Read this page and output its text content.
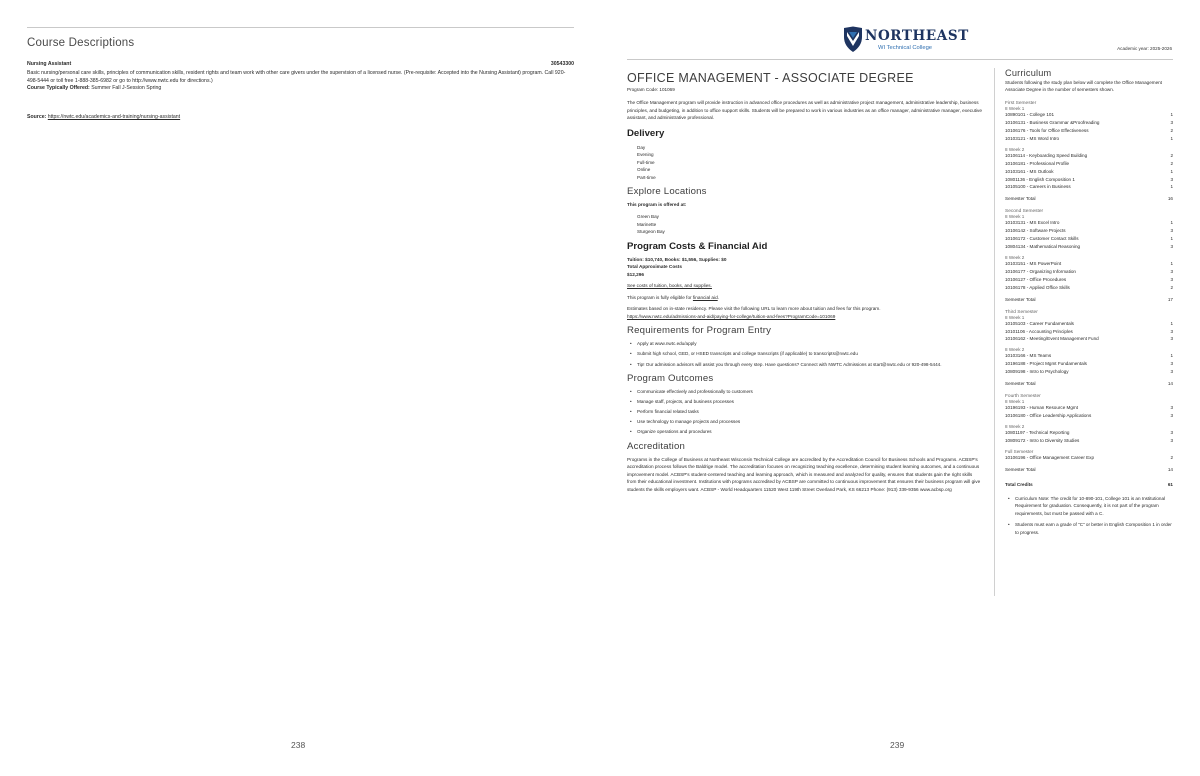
Course Descriptions
Nursing Assistant	30543300
Basic nursing/personal care skills, principles of communication skills, resident rights and team work with other care givers under the supervision of a licensed nurse. (Pre-requisite: Accepted into the Nursing Assistant) program. Call 920-498-5444 or toll free 1-888-385-6982 or go to http://www.nwtc.edu for directions.)
Course Typically Offered: Summer Fall J-Session Spring
Source: https://nwtc.edu/academics-and-training/nursing-assistant
238
NORTHEAST
WI Technical College	Academic year: 2025-2026
OFFICE MANAGEMENT - ASSOCIATE DEGREE
Program Code: 101069

The Office Management program will provide instruction in advanced office procedures as well as administrative project management, administrative leadership, business principles, and budgeting, in addition to office support skills. Students will be prepared to work in various industries as an office manager, administrative manager, executive assistant, and administrative professional.

Delivery
Day
Evening
Full-time
Online
Part-time
Explore Locations
This program is offered at:
Green Bay
Marinette
Sturgeon Bay
Program Costs & Financial Aid
Tuition: $10,740, Books: $1,556, Supplies: $0
Total Approximate Costs
$12,296
See costs of tuition, books, and supplies.
This program is fully eligible for financial aid.
Estimates based on in-state residency. Please visit the following URL to learn more about tuition and fees for this program.
https://www.nwtc.edu/admissions-and-aid/paying-for-college/tuition-and-fees?ProgramCode=101069
Requirements for Program Entry
• Apply at www.nwtc.edu/apply
• Submit high school, GED, or HSED transcripts and college transcripts (if applicable) to transcripts@nwtc.edu
• Tip! Our admission advisors will assist you through every step. Have questions? Connect with NWTC Admissions at start@nwtc.edu or 920-498-5444.
Program Outcomes
• Communicate effectively and professionally to customers
• Manage staff, projects, and business processes
• Perform financial related tasks
• Use technology to manage projects and processes
• Organize operations and procedures
Accreditation

Programs in the College of Business at Northeast Wisconsin Technical College are accredited by the Accreditation Council for Business Schools and Programs. ACBSP's accreditation process follows the Baldrige model. The accreditation focuses on recognizing teaching excellence, determining student learning outcomes, and a continuous improvement model. ACBSP's student-centered teaching and learning approach, which is measured and analyzed for quality, ensures that students gain the right skills from their educational investment. Institutions with programs accredited by ACBSP are committed to continuous improvement that ensures their business program will give students the skills employers want. ACBSP - World Headquarters 11520 West 119th Street Overland Park, KS 66213 Phone: (913) 339-9356 www.acbsp.org

Curriculum
Students following the study plan below will complete the Office Management Associate Degree in the number of semesters shown.
First Semester
8 Week 1
10890101 - College 101	1
10106131 - Business Grammar &Proofreading	3
10106176 - Tools for Office Effectiveness	2
10103121 - MS Word Intro	1
8 Week 2
10106114 - Keyboarding Speed Building	2
10106181 - Professional Profile	2
10103161 - MS Outlook	1
10801136 - English Composition 1	3
10105100 - Careers in Business	1
Semester Total	16
Second Semester
8 Week 1
10103131 - MS Excel Intro	1
10106142 - Software Projects	3
10106172 - Customer Contact Skills	1
10804134 - Mathematical Reasoning	3
8 Week 2
10103151 - MS PowerPoint	1
10106177 - Organizing Information	3
10106127 - Office Procedures	3
10106178 - Applied Office Skills	2
Semester Total	17
Third Semester
8 Week 1
10105103 - Career Fundamentals	1
10101106 - Accounting Principles	3
10106162 - Meeting/Event Management Fund	3
8 Week 2
10103166 - MS Teams	1
10196188 - Project Mgmt Fundamentals	3
10809198 - Intro to Psychology	3
Semester Total	14
Fourth Semester
8 Week 1
10196193 - Human Resource Mgmt	3
10106180 - Office Leadership Applications	3
8 Week 2
10801197 - Technical Reporting	3
10809172 - Intro to Diversity Studies	3
Full Semester
10106196 - Office Management Career Exp	2
Semester Total	14
Total Credits	61
• Curriculum Note: The credit for 10-890-101, College 101 is an Institutional Requirement for graduation. Consequently, it is not part of the program requirements, but must be passed with a C.
• Students must earn a grade of "C" or better in English Composition 1 in order to progress.
239
